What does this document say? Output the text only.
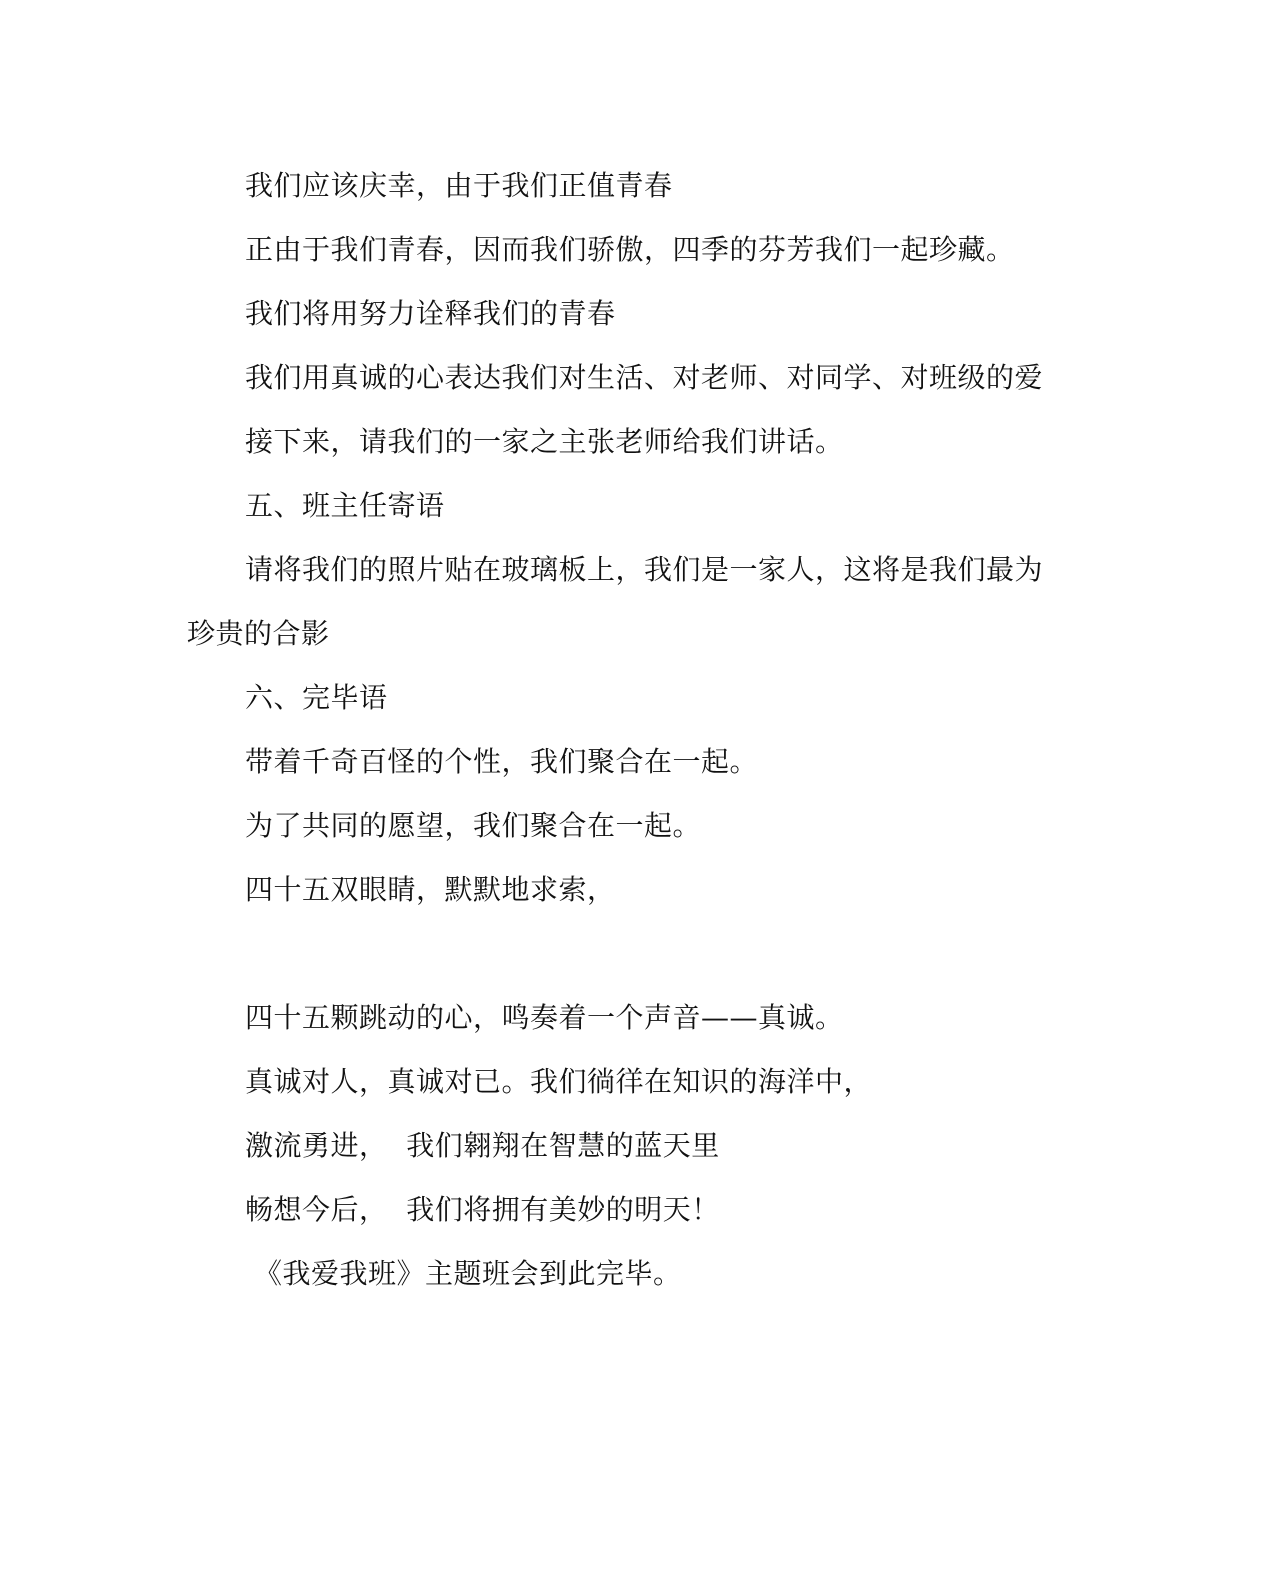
我们应该庆幸，由于我们正值青春
正由于我们青春，因而我们骄傲，四季的芬芳我们一起珍藏。
我们将用努力诠释我们的青春
我们用真诚的心表达我们对生活、对老师、对同学、对班级的爱
接下来，请我们的一家之主张老师给我们讲话。
五、班主任寄语
请将我们的照片贴在玻璃板上，我们是一家人，这将是我们最为
珍贵的合影
六、完毕语
带着千奇百怪的个性，我们聚合在一起。
为了共同的愿望，我们聚合在一起。
四十五双眼睛，默默地求索，
四十五颗跳动的心，鸣奏着一个声音——真诚。
真诚对人，真诚对已。我们徜徉在知识的海洋中，
激流勇进，  我们翱翔在智慧的蓝天里
畅想今后，  我们将拥有美妙的明天！
《我爱我班》主题班会到此完毕。
